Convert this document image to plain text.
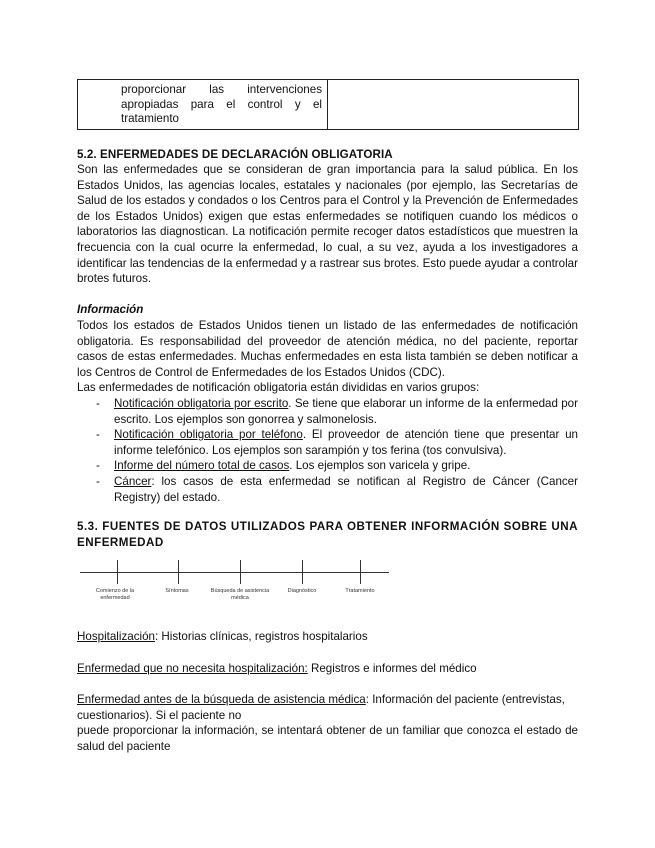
proporcionar las intervenciones apropiadas para el control y el tratamiento
5.2. ENFERMEDADES DE DECLARACIÓN OBLIGATORIA
Son las enfermedades que se consideran de gran importancia para la salud pública. En los Estados Unidos, las agencias locales, estatales y nacionales (por ejemplo, las Secretarías de Salud de los estados y condados o los Centros para el Control y la Prevención de Enfermedades de los Estados Unidos) exigen que estas enfermedades se notifiquen cuando los médicos o laboratorios las diagnostican. La notificación permite recoger datos estadísticos que muestren la frecuencia con la cual ocurre la enfermedad, lo cual, a su vez, ayuda a los investigadores a identificar las tendencias de la enfermedad y a rastrear sus brotes. Esto puede ayudar a controlar brotes futuros.
Información
Todos los estados de Estados Unidos tienen un listado de las enfermedades de notificación obligatoria. Es responsabilidad del proveedor de atención médica, no del paciente, reportar casos de estas enfermedades. Muchas enfermedades en esta lista también se deben notificar a los Centros de Control de Enfermedades de los Estados Unidos (CDC).
Las enfermedades de notificación obligatoria están divididas en varios grupos:
- Notificación obligatoria por escrito. Se tiene que elaborar un informe de la enfermedad por escrito. Los ejemplos son gonorrea y salmonelosis.
- Notificación obligatoria por teléfono. El proveedor de atención tiene que presentar un informe telefónico. Los ejemplos son sarampión y tos ferina (tos convulsiva).
- Informe del número total de casos. Los ejemplos son varicela y gripe.
- Cáncer: los casos de esta enfermedad se notifican al Registro de Cáncer (Cancer Registry) del estado.
5.3. FUENTES DE DATOS UTILIZADOS PARA OBTENER INFORMACIÓN SOBRE UNA ENFERMEDAD
Comienzo de la enfermedad
Síntomas	Búsqueda de asistencia médica
Diagnóstico	Tratamiento
Hospitalización: Historias clínicas, registros hospitalarios
Enfermedad que no necesita hospitalización: Registros e informes del médico
Enfermedad antes de la búsqueda de asistencia médica: Información del paciente (entrevistas, cuestionarios). Si el paciente no
puede proporcionar la información, se intentará obtener de un familiar que conozca el estado de salud del paciente
